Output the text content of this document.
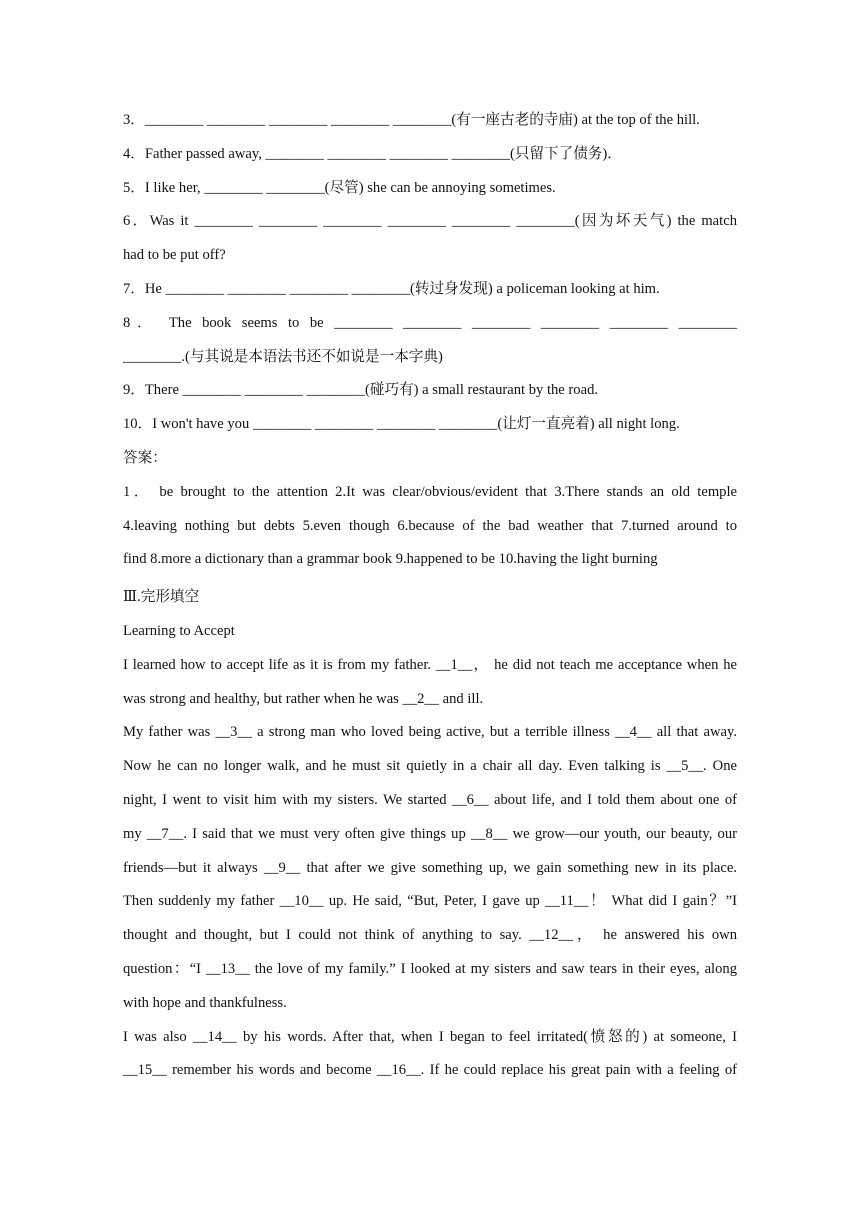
3．________ ________ ________ ________ ________(有一座古老的寺庙) at the top of the hill.
4．Father passed away, ________ ________ ________ ________(只留下了债务)．
5．I like her, ________ ________(尽管) she can be annoying sometimes.
6．Was it ________ ________ ________ ________ ________ ________(因为坏天气) the match
had to be put off?
7．He ________ ________ ________ ________(转过身发现) a policeman looking at him.
8． The book seems to be ________ ________ ________ ________ ________ ________
________.(与其说是本语法书还不如说是一本字典)
9．There ________ ________ ________(碰巧有) a small restaurant by the road.
10．I won't have you ________ ________ ________ ________(让灯一直亮着) all night long.
答案：
1． be brought to the attention 2.It was clear/obvious/evident that 3.There stands an old temple
4.leaving nothing but debts 5.even though 6.because of the bad weather that 7.turned around to
find 8.more a dictionary than a grammar book 9.happened to be 10.having the light burning
Ⅲ.完形填空
Learning to Accept
I learned how to accept life as it is from my father. __1__， he did not teach me acceptance when he
was strong and healthy, but rather when he was __2__ and ill.
My father was __3__ a strong man who loved being active, but a terrible illness __4__ all that away.
Now he can no longer walk, and he must sit quietly in a chair all day. Even talking is __5__. One
night, I went to visit him with my sisters. We started __6__ about life, and I told them about one of
my __7__. I said that we must very often give things up __8__ we grow—our youth, our beauty, our
friends—but it always __9__ that after we give something up, we gain something new in its place.
Then suddenly my father __10__ up. He said, “But, Peter, I gave up __11__！ What did I gain？”I
thought and thought, but I could not think of anything to say. __12__， he answered his own
question：“I __13__ the love of my family.” I looked at my sisters and saw tears in their eyes, along
with hope and thankfulness.
I was also __14__ by his words. After that, when I began to feel irritated(愤怒的) at someone, I
__15__ remember his words and become __16__. If he could replace his great pain with a feeling of
